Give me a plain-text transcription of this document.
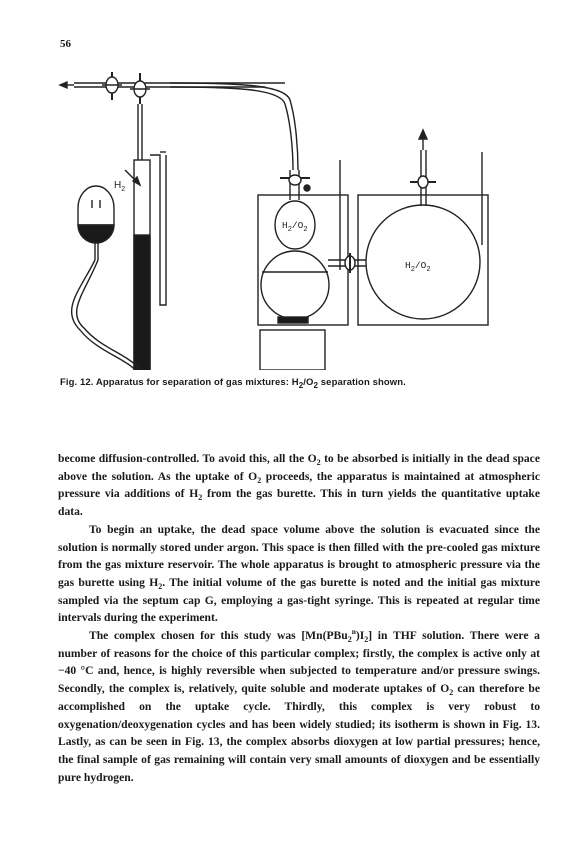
56
$H_2$
$H_2/O_2$
$H_2/O_2$
Fig. 12. Apparatus for separation of gas mixtures: $H_2/O_2$ separation shown.

become diffusion-controlled. To avoid this, all the $O_2$ to be absorbed is initially in the dead space above the solution. As the uptake of $O_2$ proceeds, the apparatus is maintained at atmospheric pressure via additions of $H_2$ from the gas burette. This in turn yields the quantitative uptake data.

To begin an uptake, the dead space volume above the solution is evacuated since the solution is normally stored under argon. This space is then filled with the pre-cooled gas mixture from the gas mixture reservoir. The whole apparatus is brought to atmospheric pressure via the gas burette using $H_2$. The initial volume of the gas burette is noted and the initial gas mixture sampled via the septum cap G, employing a gas-tight syringe. This is repeated at regular time intervals during the experiment.

The complex chosen for this study was $[Mn(PBu_2^n)I_2]$ in THF solution. There were a number of reasons for the choice of this particular complex; firstly, the complex is active only at −40 °C and, hence, is highly reversible when subjected to temperature and/or pressure swings. Secondly, the complex is, relatively, quite soluble and moderate uptakes of $O_2$ can therefore be accomplished on the uptake cycle. Thirdly, this complex is very robust to oxygenation/deoxygenation cycles and has been widely studied; its isotherm is shown in Fig. 13. Lastly, as can be seen in Fig. 13, the complex absorbs dioxygen at low partial pressures; hence, the final sample of gas remaining will contain very small amounts of dioxygen and be essentially pure hydrogen.
